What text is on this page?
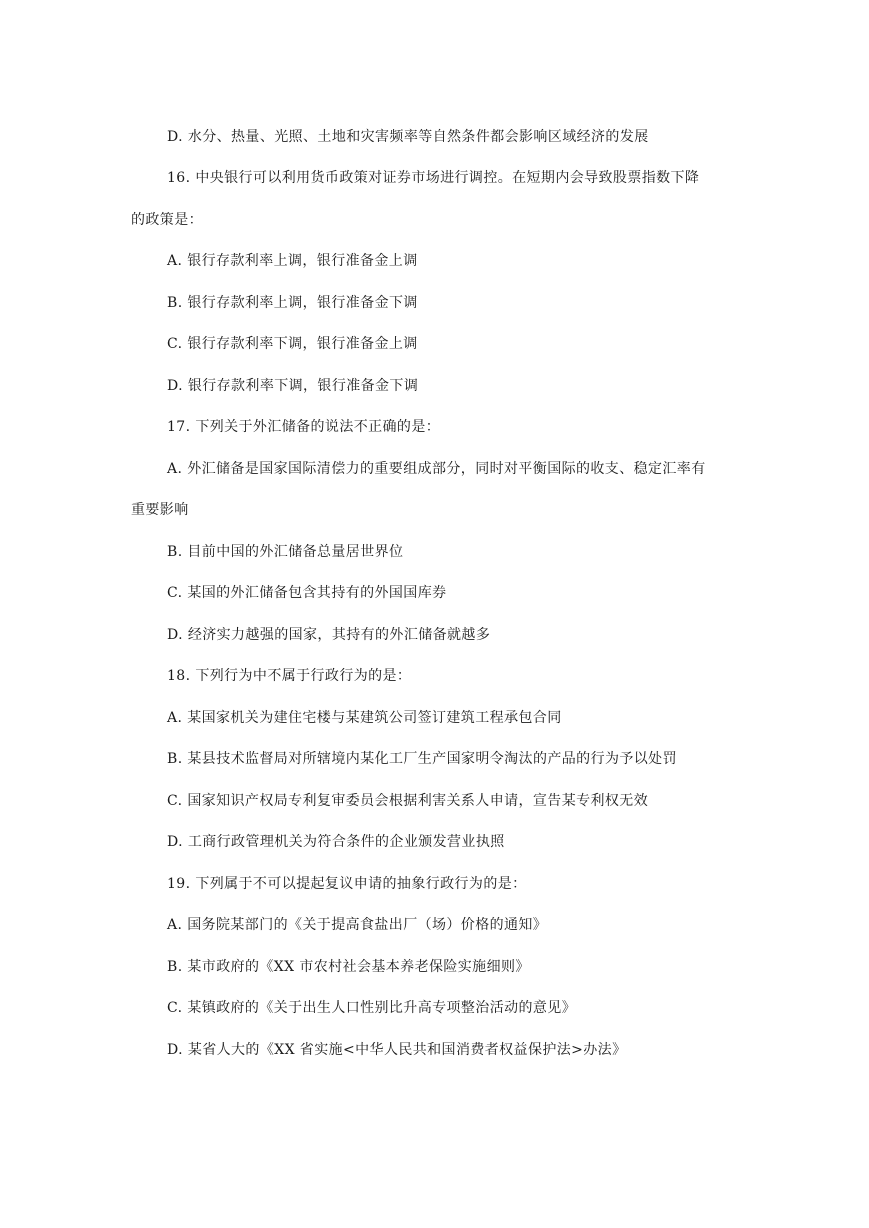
D. 水分、热量、光照、土地和灾害频率等自然条件都会影响区域经济的发展
16. 中央银行可以利用货币政策对证券市场进行调控。在短期内会导致股票指数下降
的政策是：
A. 银行存款利率上调，银行准备金上调
B. 银行存款利率上调，银行准备金下调
C. 银行存款利率下调，银行准备金上调
D. 银行存款利率下调，银行准备金下调
17. 下列关于外汇储备的说法不正确的是：
A. 外汇储备是国家国际清偿力的重要组成部分，同时对平衡国际的收支、稳定汇率有
重要影响
B. 目前中国的外汇储备总量居世界位
C. 某国的外汇储备包含其持有的外国国库券
D. 经济实力越强的国家，其持有的外汇储备就越多
18. 下列行为中不属于行政行为的是：
A. 某国家机关为建住宅楼与某建筑公司签订建筑工程承包合同
B. 某县技术监督局对所辖境内某化工厂生产国家明令淘汰的产品的行为予以处罚
C. 国家知识产权局专利复审委员会根据利害关系人申请，宣告某专利权无效
D. 工商行政管理机关为符合条件的企业颁发营业执照
19. 下列属于不可以提起复议申请的抽象行政行为的是：
A. 国务院某部门的《关于提高食盐出厂（场）价格的通知》
B. 某市政府的《XX 市农村社会基本养老保险实施细则》
C. 某镇政府的《关于出生人口性别比升高专项整治活动的意见》
D. 某省人大的《XX 省实施<中华人民共和国消费者权益保护法>办法》
